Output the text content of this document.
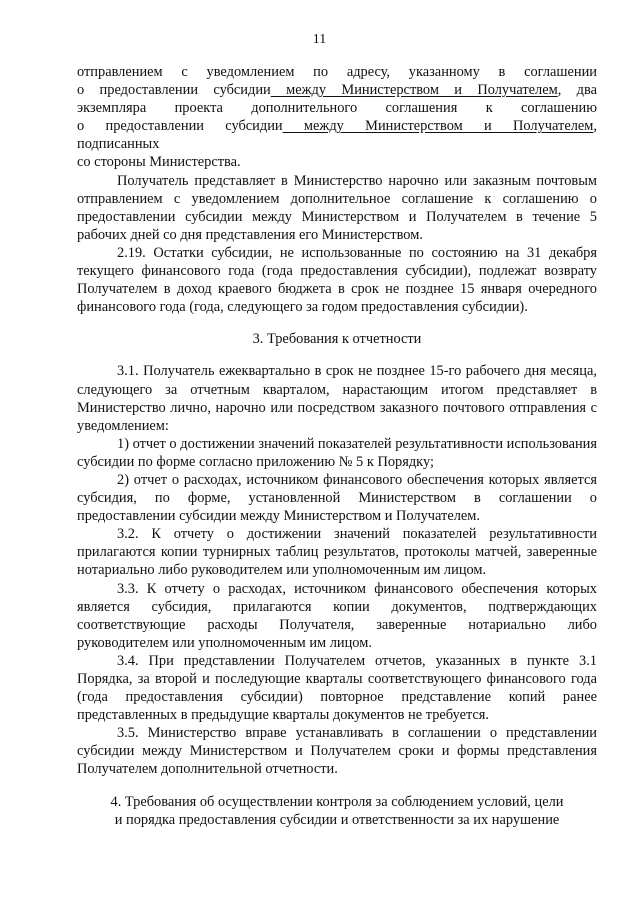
11

отправлением с уведомлением по адресу, указанному в соглашении
о предоставлении субсидии между Министерством и Получателем, два
экземпляра проекта дополнительного соглашения к соглашению
о предоставлении субсидии между Министерством и Получателем,
подписанных
со стороны Министерства.

Получатель представляет в Министерство нарочно или заказным почтовым отправлением с уведомлением дополнительное соглашение к соглашению о предоставлении субсидии между Министерством и Получателем в течение 5 рабочих дней со дня представления его Министерством.

2.19. Остатки субсидии, не использованные по состоянию на 31 декабря текущего финансового года (года предоставления субсидии), подлежат возврату Получателем в доход краевого бюджета в срок не позднее 15 января очередного финансового года (года, следующего за годом предоставления субсидии).

3. Требования к отчетности

3.1. Получатель ежеквартально в срок не позднее 15-го рабочего дня месяца, следующего за отчетным кварталом, нарастающим итогом представляет в Министерство лично, нарочно или посредством заказного почтового отправления с уведомлением:

1) отчет о достижении значений показателей результативности использования субсидии по форме согласно приложению № 5 к Порядку;

2) отчет о расходах, источником финансового обеспечения которых является субсидия, по форме, установленной Министерством в соглашении о предоставлении субсидии между Министерством и Получателем.

3.2. К отчету о достижении значений показателей результативности прилагаются копии турнирных таблиц результатов, протоколы матчей, заверенные нотариально либо руководителем или уполномоченным им лицом.

3.3. К отчету о расходах, источником финансового обеспечения которых является субсидия, прилагаются копии документов, подтверждающих соответствующие расходы Получателя, заверенные нотариально либо руководителем или уполномоченным им лицом.

3.4. При представлении Получателем отчетов, указанных в пункте 3.1 Порядка, за второй и последующие кварталы соответствующего финансового года (года предоставления субсидии) повторное представление копий ранее представленных в предыдущие кварталы документов не требуется.

3.5. Министерство вправе устанавливать в соглашении о представлении субсидии между Министерством и Получателем сроки и формы представления Получателем дополнительной отчетности.

4. Требования об осуществлении контроля за соблюдением условий, цели
и порядка предоставления субсидии и ответственности за их нарушение
